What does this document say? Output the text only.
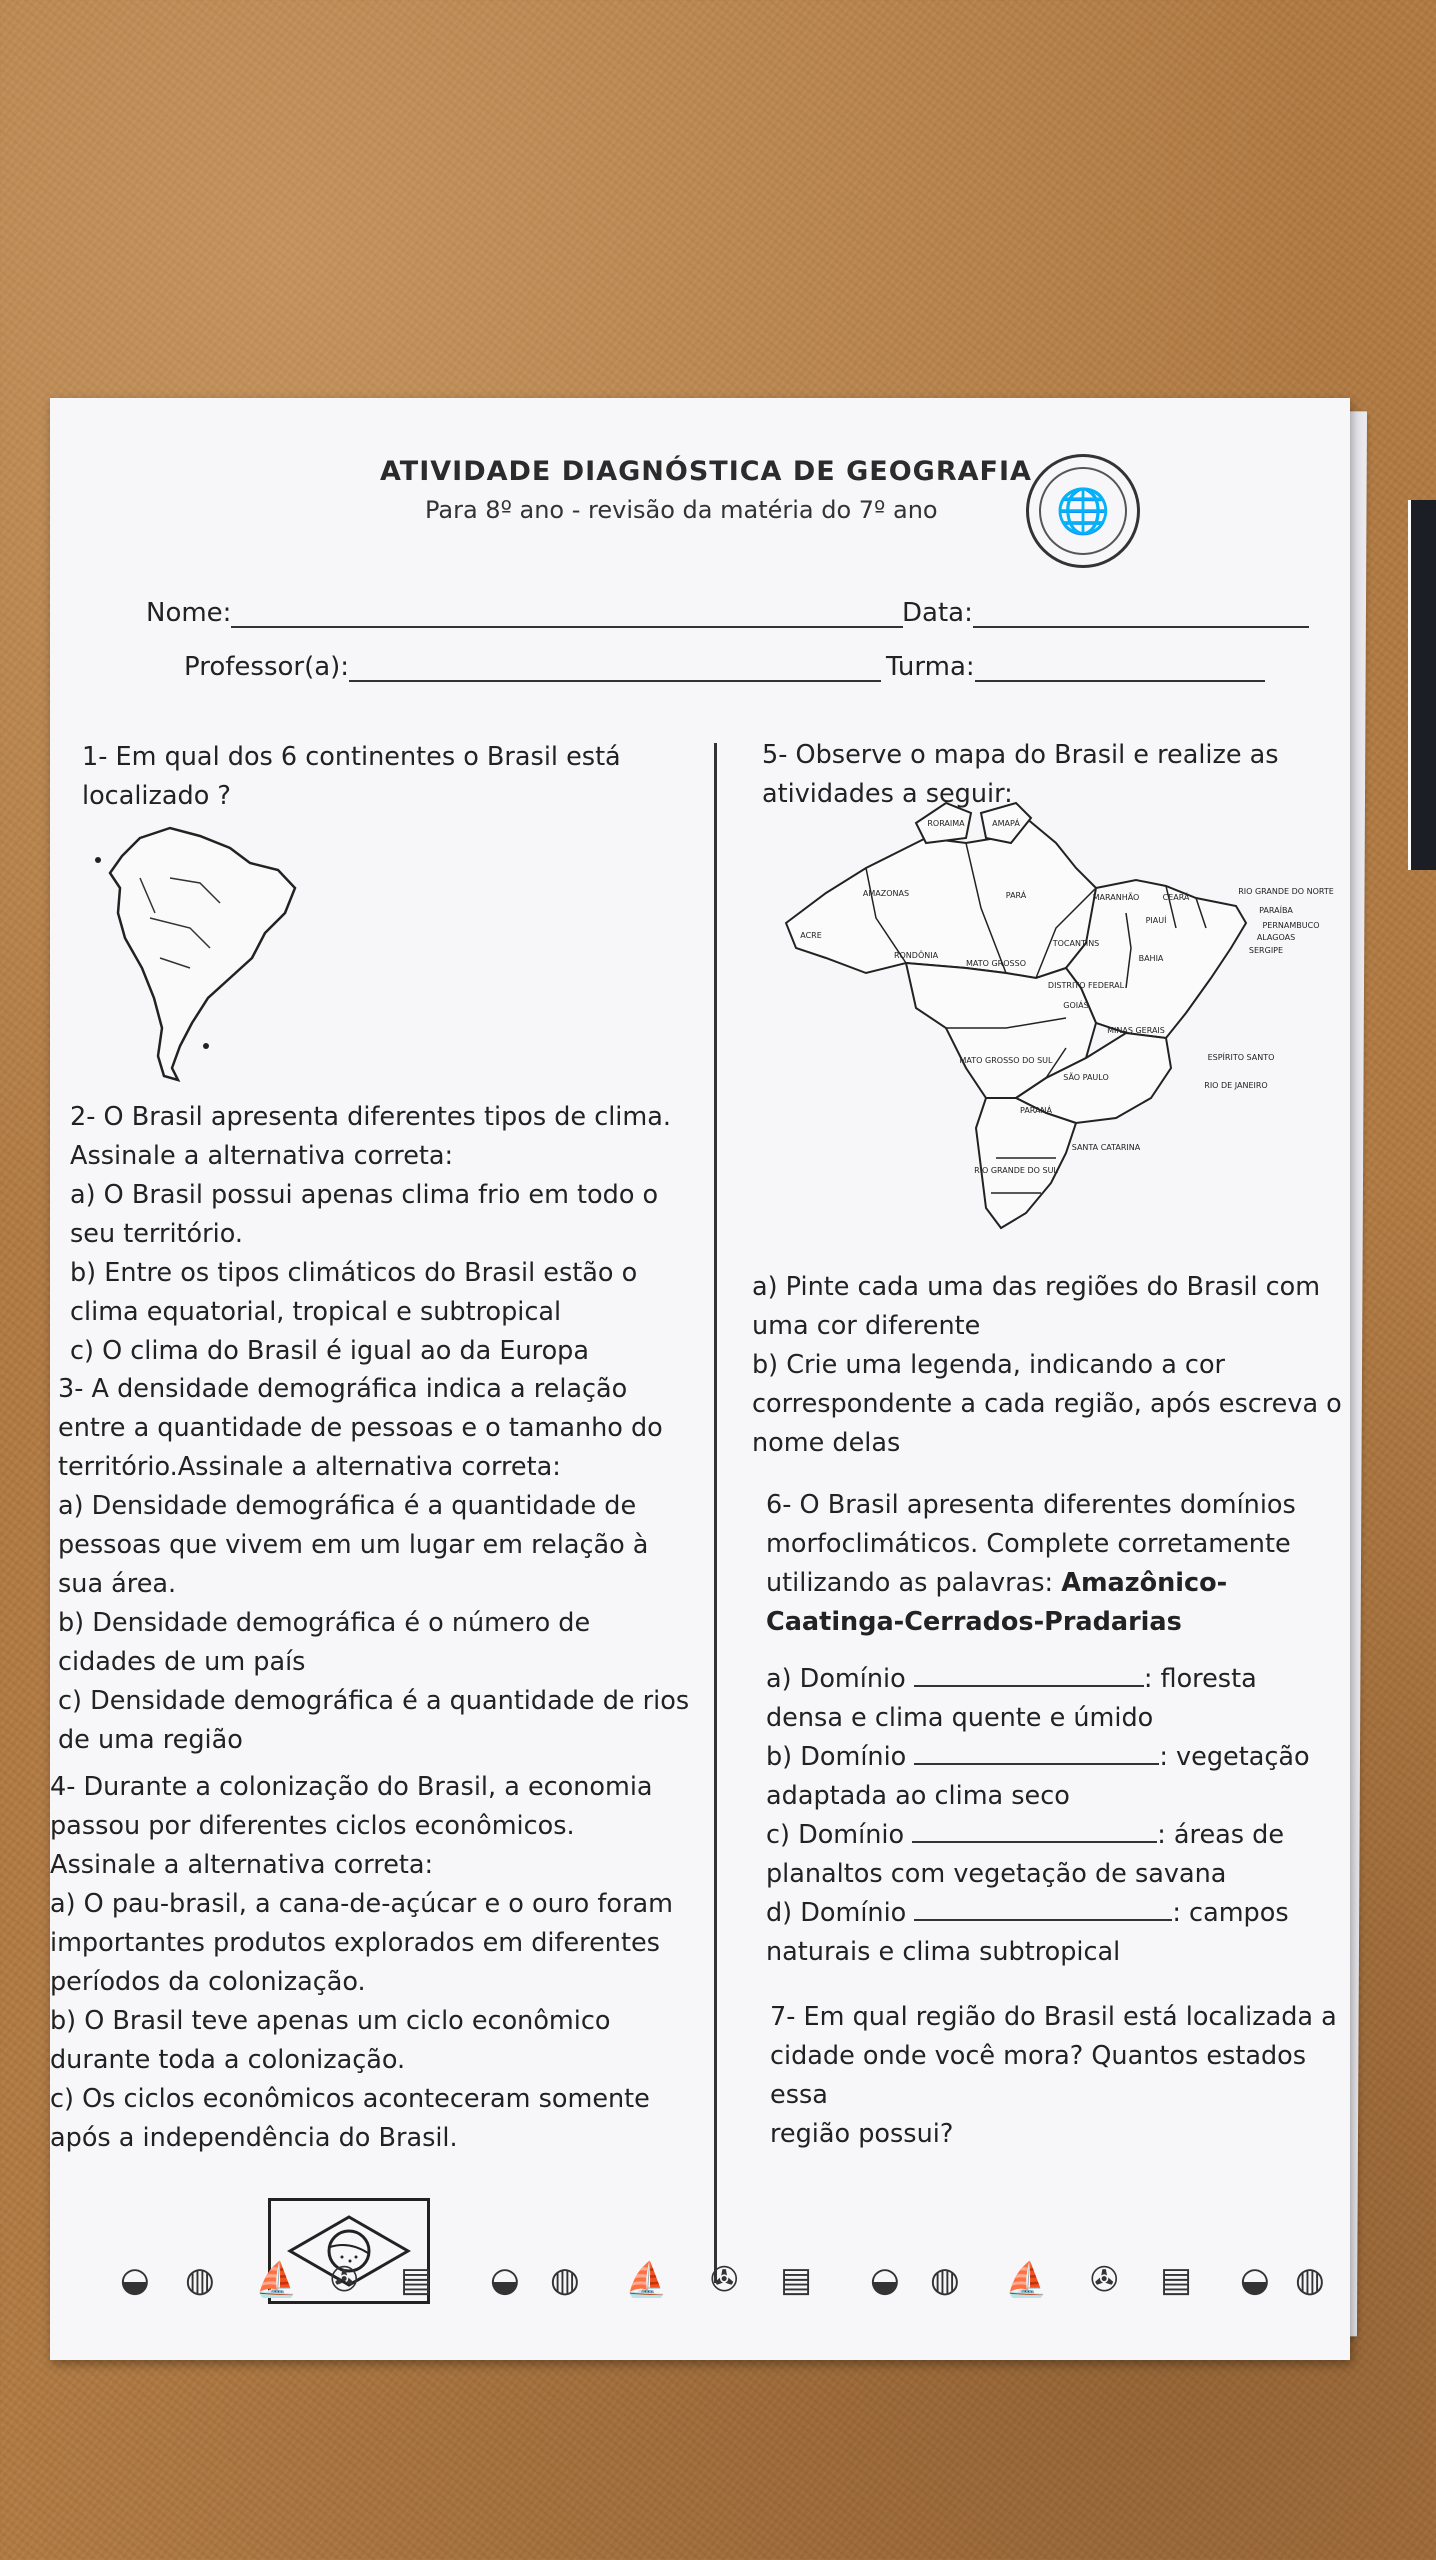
ATIVIDADE DIAGNÓSTICA DE GEOGRAFIA
Para 8º ano - revisão da matéria do 7º ano	🌐
Nome:	Data:
Professor(a):	Turma:

1- Em qual dos 6 continentes o Brasil está

localizado ?

2- O Brasil apresenta diferentes tipos de clima.

Assinale a alternativa correta:

a) O Brasil possui apenas clima frio em todo o

seu território.

b) Entre os tipos climáticos do Brasil estão o

clima equatorial, tropical e subtropical

c) O clima do Brasil é igual ao da Europa

3- A densidade demográfica indica a relação

entre a quantidade de pessoas e o tamanho do

território.Assinale a alternativa correta:

a) Densidade demográfica é a quantidade de

pessoas que vivem em um lugar em relação à

sua área.

b) Densidade demográfica é o número de

cidades de um país

c) Densidade demográfica é a quantidade de rios

de uma região

4- Durante a colonização do Brasil, a economia

passou por diferentes ciclos econômicos.

Assinale a alternativa correta:

a) O pau-brasil, a cana-de-açúcar e o ouro foram

importantes produtos explorados em diferentes

períodos da colonização.

b) O Brasil teve apenas um ciclo econômico

durante toda a colonização.

c) Os ciclos econômicos aconteceram somente

após a independência do Brasil.

5- Observe o mapa do Brasil e realize as

atividades a seguir:

RORAIMA	AMAPÁ
AMAZONAS	PARÁ	MARANHÃO	CEARÁ
RIO GRANDE DO NORTE
PARAÍBA
PERNAMBUCO
ALAGOAS
SERGIPE
PIAUÍ
ACRE
RONDÔNIA
TOCANTINS
BAHIA
MATO GROSSO
DISTRITO FEDERAL
GOIÁS
MINAS GERAIS
MATO GROSSO DO SUL	ESPÍRITO SANTO
SÃO PAULO
RIO DE JANEIRO
PARANÁ
SANTA CATARINA
RIO GRANDE DO SUL

a) Pinte cada uma das regiões do Brasil com

uma cor diferente

b) Crie uma legenda, indicando a cor

correspondente a cada região, após escreva o

nome delas

6- O Brasil apresenta diferentes domínios

morfoclimáticos. Complete corretamente

utilizando as palavras: Amazônico-Caatinga-Cerrados-Pradarias

a) Domínio	: floresta

densa e clima quente e úmido

b) Domínio	: vegetação

adaptada ao clima seco

c) Domínio	: áreas de

planaltos com vegetação de savana

d) Domínio	: campos

naturais e clima subtropical

7- Em qual região do Brasil está localizada a

cidade onde você mora? Quantos estados essa

região possui?

◒ ◍ ⛵ ✇ ▤ ◒ ◍ ⛵ ✇ ▤ ◒ ◍ ⛵ ✇ ▤ ◒ ◍
